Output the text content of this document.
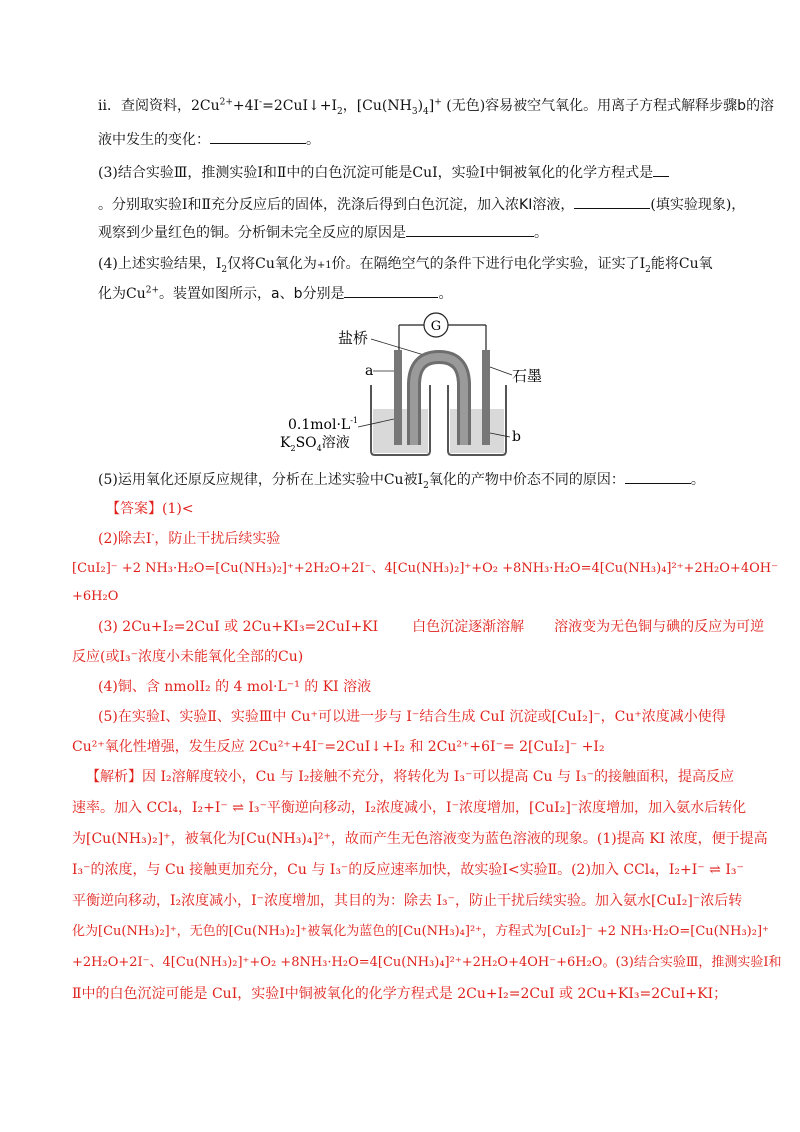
ii．查阅资料，$2Cu^{2+}+4I^-=2CuI↓+I_2$，$[Cu(NH_3)_4]^+$ (无色)容易被空气氧化。用离子方程式解释步骤b的溶
液中发生的变化：	。
(3)结合实验Ⅲ，推测实验Ⅰ和Ⅱ中的白色沉淀可能是CuI，实验Ⅰ中铜被氧化的化学方程式是
。分别取实验Ⅰ和Ⅱ充分反应后的固体，洗涤后得到白色沉淀，加入浓KI溶液，	(填实验现象)，
观察到少量红色的铜。分析铜未完全反应的原因是	。
(4)上述实验结果，$I_2$仅将Cu氧化为+1价。在隔绝空气的条件下进行电化学实验，证实了$I_2$能将Cu氧
化为$Cu^{2+}$。装置如图所示，a、b分别是	。
G
盐桥
a	石墨
b
$0.1mol\cdot L^{-1}$
$K_2SO_4$溶液
(5)运用氧化还原反应规律，分析在上述实验中Cu被$I_2$氧化的产物中价态不同的原因：	。
【答案】(1)<
(2)除去I-，防止干扰后续实验
[CuI₂]⁻ +2 NH₃·H₂O=[Cu(NH₃)₂]⁺+2H₂O+2I⁻、4[Cu(NH₃)₂]⁺+O₂ +8NH₃·H₂O=4[Cu(NH₃)₄]²⁺+2H₂O+4OH⁻
+6H₂O
(3) 2Cu+I₂=2CuI 或 2Cu+KI₃=2CuI+KI 白色沉淀逐渐溶解 溶液变为无色铜与碘的反应为可逆
反应(或I₃⁻浓度小未能氧化全部的Cu)
(4)铜、含 nmolI₂ 的 4 mol·L⁻¹ 的 KI 溶液
(5)在实验Ⅰ、实验Ⅱ、实验Ⅲ中 Cu⁺可以进一步与 I⁻结合生成 CuI 沉淀或[CuI₂]⁻，Cu⁺浓度减小使得
Cu²⁺氧化性增强，发生反应 2Cu²⁺+4I⁻=2CuI↓+I₂ 和 2Cu²⁺+6I⁻= 2[CuI₂]⁻ +I₂
【解析】因 I₂溶解度较小，Cu 与 I₂接触不充分，将转化为 I₃⁻可以提高 Cu 与 I₃⁻的接触面积，提高反应
速率。加入 CCl₄，I₂+I⁻ ⇌ I₃⁻平衡逆向移动，I₂浓度减小，I⁻浓度增加，[CuI₂]⁻浓度增加，加入氨水后转化
为[Cu(NH₃)₂]⁺，被氧化为[Cu(NH₃)₄]²⁺，故而产生无色溶液变为蓝色溶液的现象。(1)提高 KI 浓度，便于提高
I₃⁻的浓度，与 Cu 接触更加充分，Cu 与 I₃⁻的反应速率加快，故实验Ⅰ<实验Ⅱ。(2)加入 CCl₄，I₂+I⁻ ⇌ I₃⁻
平衡逆向移动，I₂浓度减小，I⁻浓度增加，其目的为：除去 I₃⁻，防止干扰后续实验。加入氨水[CuI₂]⁻浓后转
化为[Cu(NH₃)₂]⁺，无色的[Cu(NH₃)₂]⁺被氧化为蓝色的[Cu(NH₃)₄]²⁺，方程式为[CuI₂]⁻ +2 NH₃·H₂O=[Cu(NH₃)₂]⁺
+2H₂O+2I⁻、4[Cu(NH₃)₂]⁺+O₂ +8NH₃·H₂O=4[Cu(NH₃)₄]²⁺+2H₂O+4OH⁻+6H₂O。(3)结合实验Ⅲ，推测实验Ⅰ和
Ⅱ中的白色沉淀可能是 CuI，实验Ⅰ中铜被氧化的化学方程式是 2Cu+I₂=2CuI 或 2Cu+KI₃=2CuI+KI；
